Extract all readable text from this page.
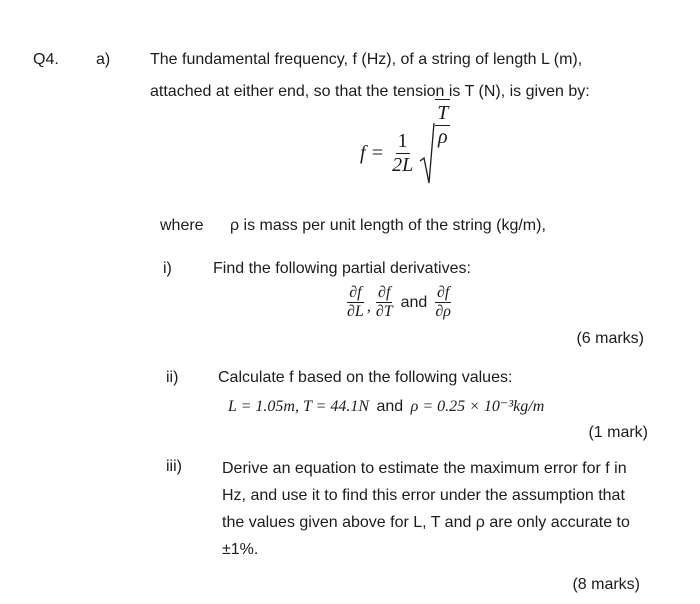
Q4. a) The fundamental frequency, f (Hz), of a string of length L (m),
attached at either end, so that the tension is T (N), is given by:
$f = \frac{1}{2L}$
$\frac{T}{\rho}$
where ρ is mass per unit length of the string (kg/m),
i)	Find the following partial derivatives:
$\frac{\partial f}{\partial L}$ , $\frac{\partial f}{\partial T}$ and $\frac{\partial f}{\partial\rho}$
(6 marks)
ii) Calculate f based on the following values:
L = 1.05m, T = 44.1N and ρ = 0.25 × 10⁻³kg/m
(1 mark)
iii)	Derive an equation to estimate the maximum error for f in
Hz, and use it to find this error under the assumption that
the values given above for L, T and ρ are only accurate to
±1%.
(8 marks)
